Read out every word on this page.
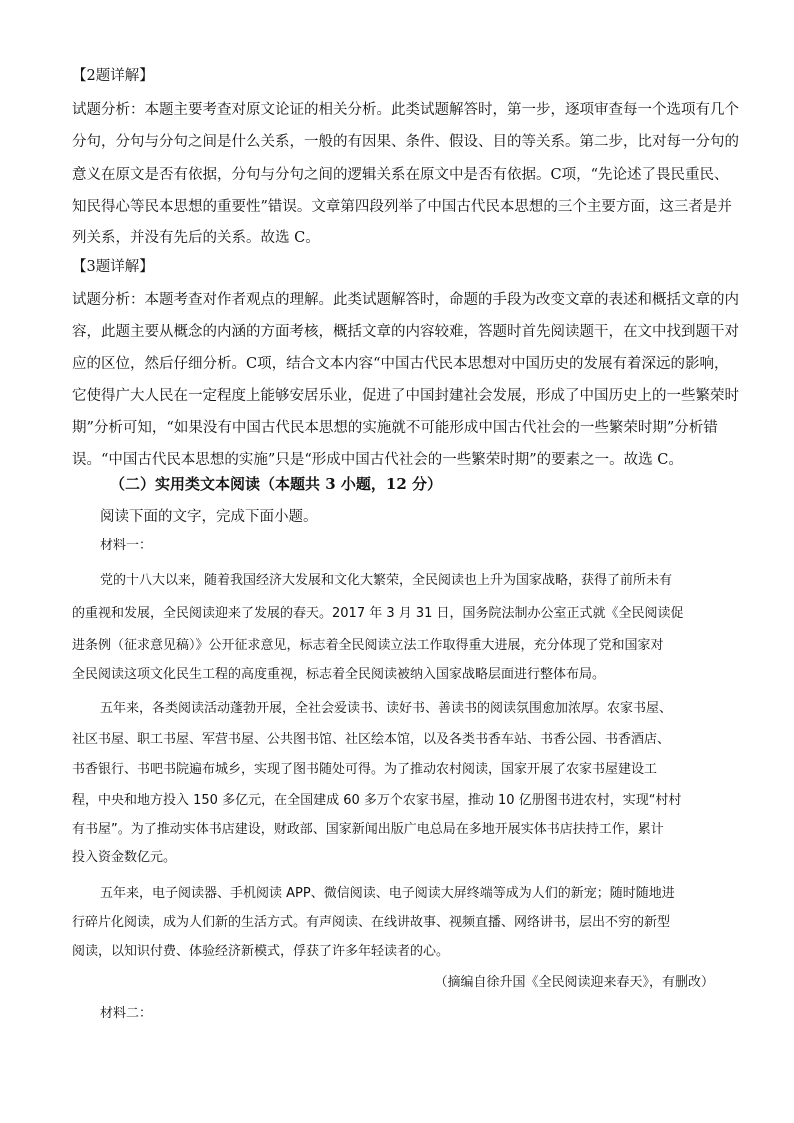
【2题详解】
试题分析：本题主要考查对原文论证的相关分析。此类试题解答时，第一步，逐项审查每一个选项有几个
分句，分句与分句之间是什么关系，一般的有因果、条件、假设、目的等关系。第二步，比对每一分句的
意义在原文是否有依据，分句与分句之间的逻辑关系在原文中是否有依据。C项，“先论述了畏民重民、
知民得心等民本思想的重要性”错误。文章第四段列举了中国古代民本思想的三个主要方面，这三者是并
列关系，并没有先后的关系。故选 C。
【3题详解】
试题分析：本题考查对作者观点的理解。此类试题解答时，命题的手段为改变文章的表述和概括文章的内
容，此题主要从概念的内涵的方面考核，概括文章的内容较难，答题时首先阅读题干，在文中找到题干对
应的区位，然后仔细分析。C项，结合文本内容“中国古代民本思想对中国历史的发展有着深远的影响，
它使得广大人民在一定程度上能够安居乐业，促进了中国封建社会发展，形成了中国历史上的一些繁荣时
期”分析可知，“如果没有中国古代民本思想的实施就不可能形成中国古代社会的一些繁荣时期”分析错
误。“中国古代民本思想的实施”只是“形成中国古代社会的一些繁荣时期”的要素之一。故选 C。
（二）实用类文本阅读（本题共 3 小题，12 分）
阅读下面的文字，完成下面小题。
材料一：
党的十八大以来，随着我国经济大发展和文化大繁荣，全民阅读也上升为国家战略，获得了前所未有
的重视和发展，全民阅读迎来了发展的春天。2017 年 3 月 31 日，国务院法制办公室正式就《全民阅读促
进条例（征求意见稿）》公开征求意见，标志着全民阅读立法工作取得重大进展，充分体现了党和国家对
全民阅读这项文化民生工程的高度重视，标志着全民阅读被纳入国家战略层面进行整体布局。
五年来，各类阅读活动蓬勃开展，全社会爱读书、读好书、善读书的阅读氛围愈加浓厚。农家书屋、
社区书屋、职工书屋、军营书屋、公共图书馆、社区绘本馆，以及各类书香车站、书香公园、书香酒店、
书香银行、书吧书院遍布城乡，实现了图书随处可得。为了推动农村阅读，国家开展了农家书屋建设工
程，中央和地方投入 150 多亿元，在全国建成 60 多万个农家书屋，推动 10 亿册图书进农村，实现“村村
有书屋”。为了推动实体书店建设，财政部、国家新闻出版广电总局在多地开展实体书店扶持工作，累计
投入资金数亿元。
五年来，电子阅读器、手机阅读 APP、微信阅读、电子阅读大屏终端等成为人们的新宠；随时随地进
行碎片化阅读，成为人们新的生活方式。有声阅读、在线讲故事、视频直播、网络讲书，层出不穷的新型
阅读，以知识付费、体验经济新模式，俘获了许多年轻读者的心。
（摘编自徐升国《全民阅读迎来春天》，有删改）
材料二：
